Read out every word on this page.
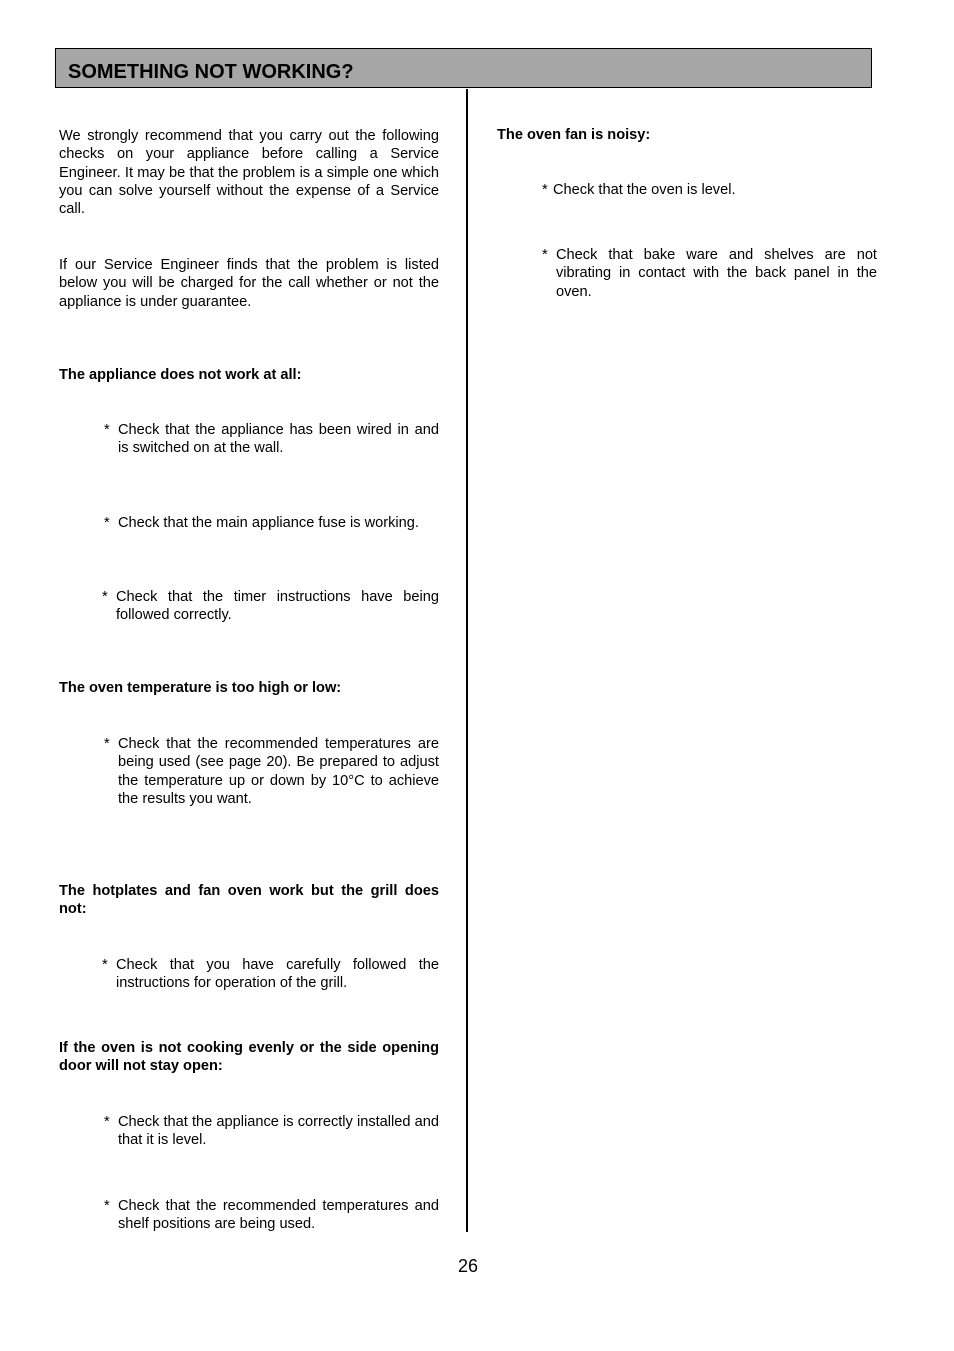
SOMETHING NOT WORKING?

We strongly recommend that you carry out the following checks on your appliance before calling a Service Engineer. It may be that the problem is a simple one which you can solve yourself without the expense of a Service call.

If our Service Engineer finds that the problem is listed below you will be charged for the call whether or not the appliance is under guarantee.

The appliance does not work at all:

* Check that the appliance has been wired in and is switched on at the wall.
* Check that the main appliance fuse is working.
* Check that the timer instructions have being followed correctly.

The oven temperature is too high or low:

* Check that the recommended temperatures are being used (see page 20). Be prepared to adjust the temperature up or down by 10°C to achieve the results you want.

The hotplates and fan oven work but the grill does not:

* Check that you have carefully followed the instructions for operation of the grill.

If the oven is not cooking evenly or the side opening door will not stay open:

* Check that the appliance is correctly installed and that it is level.
* Check that the recommended temperatures and shelf positions are being used.

The oven fan is noisy:

* Check that the oven is level.
* Check that bake ware and shelves are not vibrating in contact with the back panel in the oven.

26
